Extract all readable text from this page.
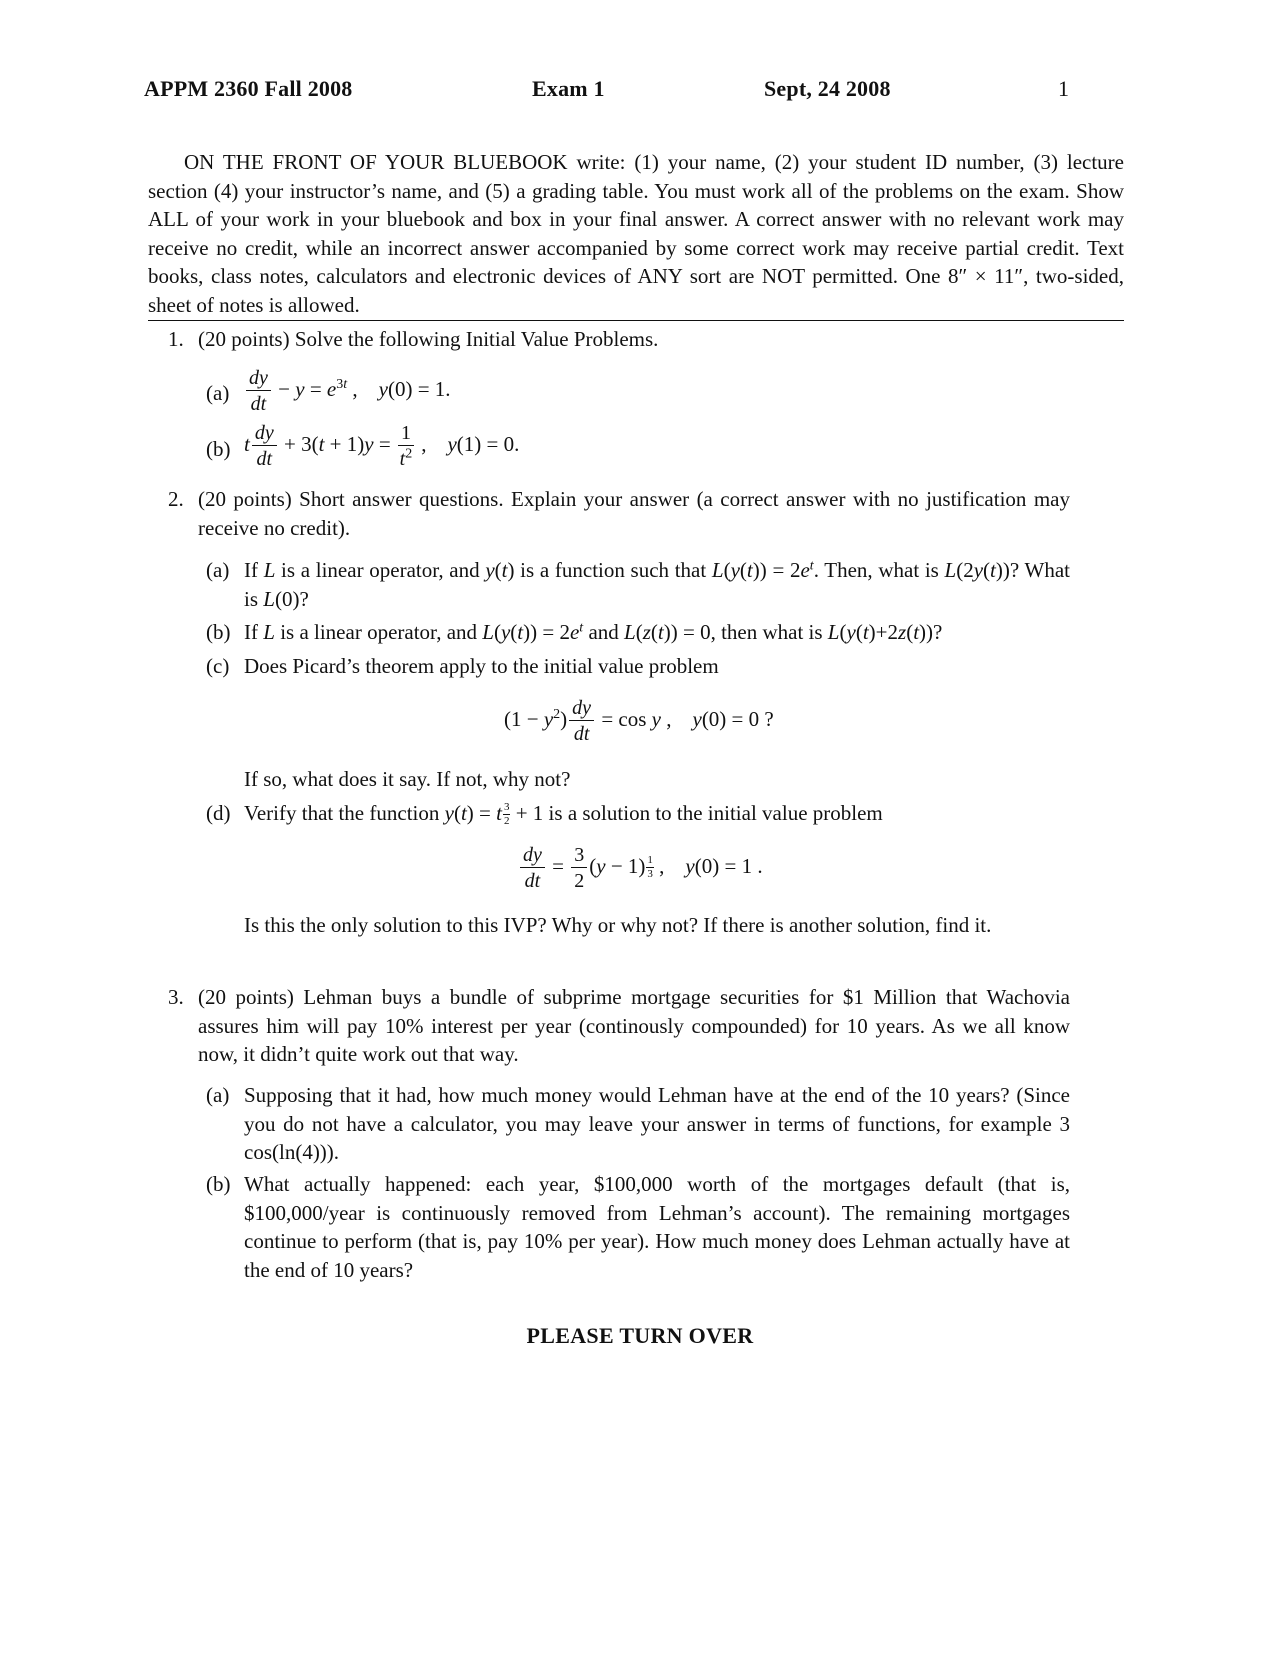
APPM 2360 Fall 2008	Exam 1	Sept, 24 2008	1
ON THE FRONT OF YOUR BLUEBOOK write: (1) your name, (2) your student ID number, (3) lecture section (4) your instructor’s name, and (5) a grading table. You must work all of the problems on the exam. Show ALL of your work in your bluebook and box in your final answer. A correct answer with no relevant work may receive no credit, while an incorrect answer accompanied by some correct work may receive partial credit. Text books, class notes, calculators and electronic devices of ANY sort are NOT permitted. One 8″ × 11″, two-sided, sheet of notes is allowed.
1. (20 points) Solve the following Initial Value Problems.
$(a) \frac{dy}{dt} - y = e^{3t}$ ,    y(0) = 1.
(b) t $\frac{dy}{dt} + 3(t + 1)y = \frac{1}{t^2}$ ,    y(1) = 0.
2. (20 points) Short answer questions. Explain your answer (a correct answer with no justification may receive no credit).
(a) If L is a linear operator, and y(t) is a function such that $L(y(t)) = 2e^t$. Then, what is L(2y(t))? What is L(0)?
(b) If L is a linear operator, and $L(y(t)) = 2e^t$ and L(z(t)) = 0, then what is L(y(t)+2z(t))?
(c) Does Picard’s theorem apply to the initial value problem
$(1 - y^2) \frac{dy}{dt} = \cos y$ ,    y(0) = 0 ?
If so, what does it say. If not, why not?
(d) Verify that the function y(t) = t $\frac{3}{2} + 1$ is a solution to the initial value problem
$\frac{dy}{dt} = \frac{3}{2} (y - 1) \frac{1}{3}$ ,    y(0) = 1 .
Is this the only solution to this IVP? Why or why not? If there is another solution, find it.
3. (20 points) Lehman buys a bundle of subprime mortgage securities for $1 Million that Wachovia assures him will pay 10% interest per year (continously compounded) for 10 years. As we all know now, it didn’t quite work out that way.
(a) Supposing that it had, how much money would Lehman have at the end of the 10 years? (Since you do not have a calculator, you may leave your answer in terms of functions, for example 3 cos(ln(4))).
(b) What actually happened: each year, $100,000 worth of the mortgages default (that is, $100,000/year is continuously removed from Lehman’s account). The remaining mortgages continue to perform (that is, pay 10% per year). How much money does Lehman actually have at the end of 10 years?
PLEASE TURN OVER
